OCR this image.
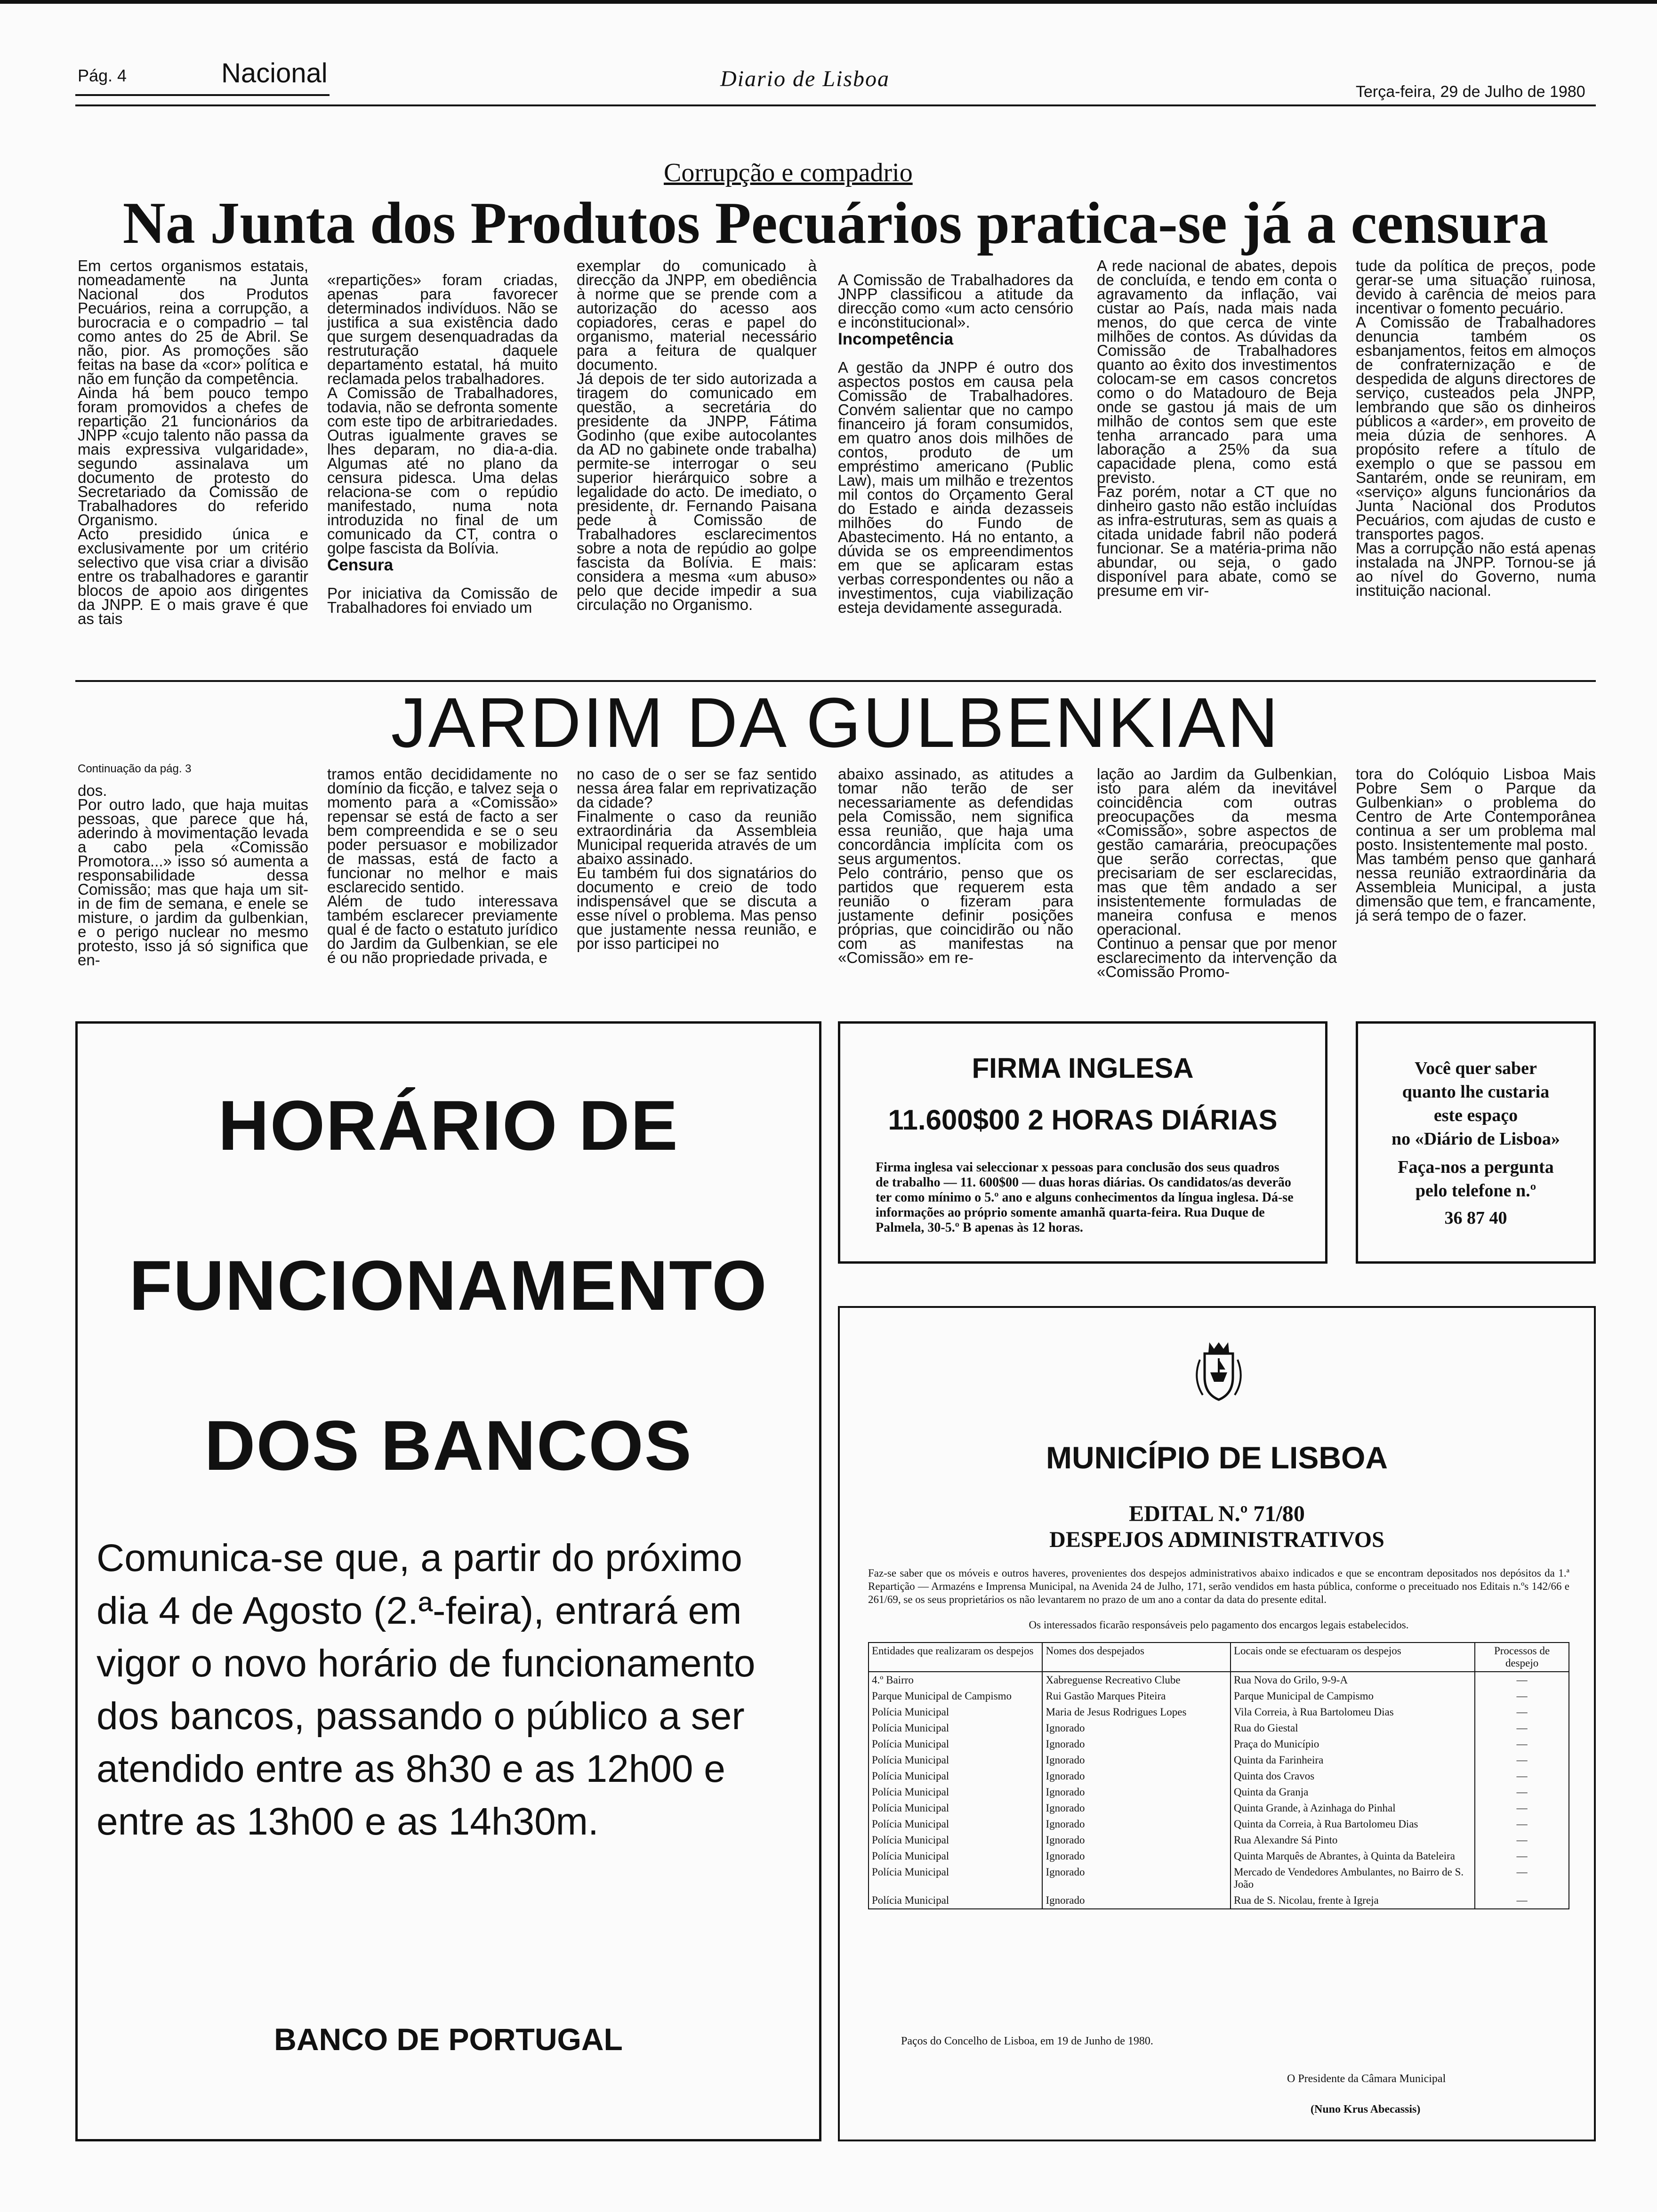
Pág. 4	Nacional	Diario de Lisboa
Terça-feira, 29 de Julho de 1980
Corrupção e compadrio
Na Junta dos Produtos Pecuários pratica-se já a censura
Em certos organismos estatais, nomeadamente na Junta Nacional dos Produtos Pecuários, reina a corrupção, a burocracia e o compadrio – tal como antes do 25 de Abril. Se não, pior. As promoções são feitas na base da «cor» política e não em função da competência.
Ainda há bem pouco tempo foram promovidos a chefes de repartição 21 funcionários da JNPP «cujo talento não passa da mais expressiva vulgaridade», segundo assinalava um documento de protesto do Secretariado da Comissão de Trabalhadores do referido Organismo.
Acto presidido única e exclusivamente por um critério selectivo que visa criar a divisão entre os trabalhadores e garantir blocos de apoio aos dirigentes da JNPP. E o mais grave é que as tais

«repartições» foram criadas, apenas para favorecer determinados indivíduos. Não se justifica a sua existência dado que surgem desenquadradas da restruturação daquele departamento estatal, há muito reclamada pelos trabalhadores.
A Comissão de Trabalhadores, todavia, não se defronta somente com este tipo de arbitrariedades. Outras igualmente graves se lhes deparam, no dia-a-dia. Algumas até no plano da censura pidesca. Uma delas relaciona-se com o repúdio manifestado, numa nota introduzida no final de um comunicado da CT, contra o golpe fascista da Bolívia.

Censura

Por iniciativa da Comissão de Trabalhadores foi enviado um

exemplar do comunicado à direcção da JNPP, em obediência à norme que se prende com a autorização do acesso aos copiadores, ceras e papel do organismo, material necessário para a feitura de qualquer documento.
Já depois de ter sido autorizada a tiragem do comunicado em questão, a secretária do presidente da JNPP, Fátima Godinho (que exibe autocolantes da AD no gabinete onde trabalha) permite-se interrogar o seu superior hierárquico sobre a legalidade do acto. De imediato, o presidente, dr. Fernando Paisana pede à Comissão de Trabalhadores esclarecimentos sobre a nota de repúdio ao golpe fascista da Bolívia. E mais: considera a mesma «um abuso» pelo que decide impedir a sua circulação no Organismo.

A Comissão de Trabalhadores da JNPP classificou a atitude da direcção como «um acto censório e inconstitucional».

Incompetência

A gestão da JNPP é outro dos aspectos postos em causa pela Comissão de Trabalhadores. Convém salientar que no campo financeiro já foram consumidos, em quatro anos dois milhões de contos, produto de um empréstimo americano (Public Law), mais um milhão e trezentos mil contos do Orçamento Geral do Estado e ainda dezasseis milhões do Fundo de Abastecimento. Há no entanto, a dúvida se os empreendimentos em que se aplicaram estas verbas correspondentes ou não a investimentos, cuja viabilização esteja devidamente assegurada.

A rede nacional de abates, depois de concluída, e tendo em conta o agravamento da inflação, vai custar ao País, nada mais nada menos, do que cerca de vinte milhões de contos. As dúvidas da Comissão de Trabalhadores quanto ao êxito dos investimentos colocam-se em casos concretos como o do Matadouro de Beja onde se gastou já mais de um milhão de contos sem que este tenha arrancado para uma laboração a 25% da sua capacidade plena, como está previsto.
Faz porém, notar a CT que no dinheiro gasto não estão incluídas as infra-estruturas, sem as quais a citada unidade fabril não poderá funcionar. Se a matéria-prima não abundar, ou seja, o gado disponível para abate, como se presume em vir-
tude da política de preços, pode gerar-se uma situação ruinosa, devido à carência de meios para incentivar o fomento pecuário.
A Comissão de Trabalhadores denuncia também os esbanjamentos, feitos em almoços de confraternização e de despedida de alguns directores de serviço, custeados pela JNPP, lembrando que são os dinheiros públicos a «arder», em proveito de meia dúzia de senhores. A propósito refere a título de exemplo o que se passou em Santarém, onde se reuniram, em «serviço» alguns funcionários da Junta Nacional dos Produtos Pecuários, com ajudas de custo e transportes pagos.
Mas a corrupção não está apenas instalada na JNPP. Tornou-se já ao nível do Governo, numa instituição nacional.
JARDIM DA GULBENKIAN
Continuação da pág. 3
dos.
Por outro lado, que haja muitas pessoas, que parece que há, aderindo à movimentação levada a cabo pela «Comissão Promotora...» isso só aumenta a responsabilidade dessa Comissão; mas que haja um sit-in de fim de semana, e enele se misture, o jardim da gulbenkian, e o perigo nuclear no mesmo protesto, isso já só significa que en-
tramos então decididamente no domínio da ficção, e talvez seja o momento para a «Comissão» repensar se está de facto a ser bem compreendida e se o seu poder persuasor e mobilizador de massas, está de facto a funcionar no melhor e mais esclarecido sentido.
Além de tudo interessava também esclarecer previamente qual é de facto o estatuto jurídico do Jardim da Gulbenkian, se ele é ou não propriedade privada, e
no caso de o ser se faz sentido nessa área falar em reprivatização da cidade?
Finalmente o caso da reunião extraordinária da Assembleia Municipal requerida através de um abaixo assinado.
Eu também fui dos signatários do documento e creio de todo indispensável que se discuta a esse nível o problema. Mas penso que justamente nessa reunião, e por isso participei no
abaixo assinado, as atitudes a tomar não terão de ser necessariamente as defendidas pela Comissão, nem significa essa reunião, que haja uma concordância implícita com os seus argumentos.
Pelo contrário, penso que os partidos que requerem esta reunião o fizeram para justamente definir posições próprias, que coincidirão ou não com as manifestas na «Comissão» em re-
lação ao Jardim da Gulbenkian, isto para além da inevitável coincidência com outras preocupações da mesma «Comissão», sobre aspectos de gestão camarária, preocupações que serão correctas, que precisariam de ser esclarecidas, mas que têm andado a ser insistentemente formuladas de maneira confusa e menos operacional.
Continuo a pensar que por menor esclarecimento da intervenção da «Comissão Promo-
tora do Colóquio Lisboa Mais Pobre Sem o Parque da Gulbenkian» o problema do Centro de Arte Contemporânea continua a ser um problema mal posto. Insistentemente mal posto.
Mas também penso que ganhará nessa reunião extraordinária da Assembleia Municipal, a justa dimensão que tem, e francamente, já será tempo de o fazer.
HORÁRIO DE
FUNCIONAMENTO
DOS BANCOS
Comunica-se que, a partir do próximo dia 4 de Agosto (2.ª-feira), entrará em vigor o novo horário de funcionamento dos bancos, passando o público a ser atendido entre as 8h30 e as 12h00 e entre as 13h00 e as 14h30m.
BANCO DE PORTUGAL
FIRMA INGLESA
11.600$00 2 HORAS DIÁRIAS
Firma inglesa vai seleccionar x pessoas para conclusão dos seus quadros de trabalho — 11. 600$00 — duas horas diárias. Os candidatos/as deverão ter como mínimo o 5.º ano e alguns conhecimentos da língua inglesa. Dá-se informações ao próprio somente amanhã quarta-feira. Rua Duque de Palmela, 30-5.º B apenas às 12 horas.
Você quer saber
quanto lhe custaria
este espaço
no «Diário de Lisboa»
Faça-nos a pergunta
pelo telefone n.º
36 87 40
MUNICÍPIO DE LISBOA
EDITAL N.º 71/80
DESPEJOS ADMINISTRATIVOS
Faz-se saber que os móveis e outros haveres, provenientes dos despejos administrativos abaixo indicados e que se encontram depositados nos depósitos da 1.ª Repartição — Armazéns e Imprensa Municipal, na Avenida 24 de Julho, 171, serão vendidos em hasta pública, conforme o preceituado nos Editais n.ºs 142/66 e 261/69, se os seus proprietários os não levantarem no prazo de um ano a contar da data do presente edital.
Os interessados ficarão responsáveis pelo pagamento dos encargos legais estabelecidos.
Entidades que realizaram os despejos	Nomes dos despejados	Locais onde se efectuaram os despejos	Processos de despejo
4.º Bairro	Xabreguense Recreativo Clube	Rua Nova do Grilo, 9-9-A	—
Parque Municipal de Campismo	Rui Gastão Marques Piteira	Parque Municipal de Campismo	—
Polícia Municipal	Maria de Jesus Rodrigues Lopes	Vila Correia, à Rua Bartolomeu Dias	—
Polícia Municipal	Ignorado	Rua do Giestal	—
Polícia Municipal	Ignorado	Praça do Município	—
Polícia Municipal	Ignorado	Quinta da Farinheira	—
Polícia Municipal	Ignorado	Quinta dos Cravos	—
Polícia Municipal	Ignorado	Quinta da Granja	—
Polícia Municipal	Ignorado	Quinta Grande, à Azinhaga do Pinhal	—
Polícia Municipal	Ignorado	Quinta da Correia, à Rua Bartolomeu Dias	—
Polícia Municipal	Ignorado	Rua Alexandre Sá Pinto	—
Polícia Municipal	Ignorado	Quinta Marquês de Abrantes, à Quinta da Bateleira	—
Polícia Municipal	Ignorado	Mercado de Vendedores Ambulantes, no Bairro de S. João	—
Polícia Municipal	Ignorado	Rua de S. Nicolau, frente à Igreja	—
Paços do Concelho de Lisboa, em 19 de Junho de 1980.
O Presidente da Câmara Municipal
(Nuno Krus Abecassis)
